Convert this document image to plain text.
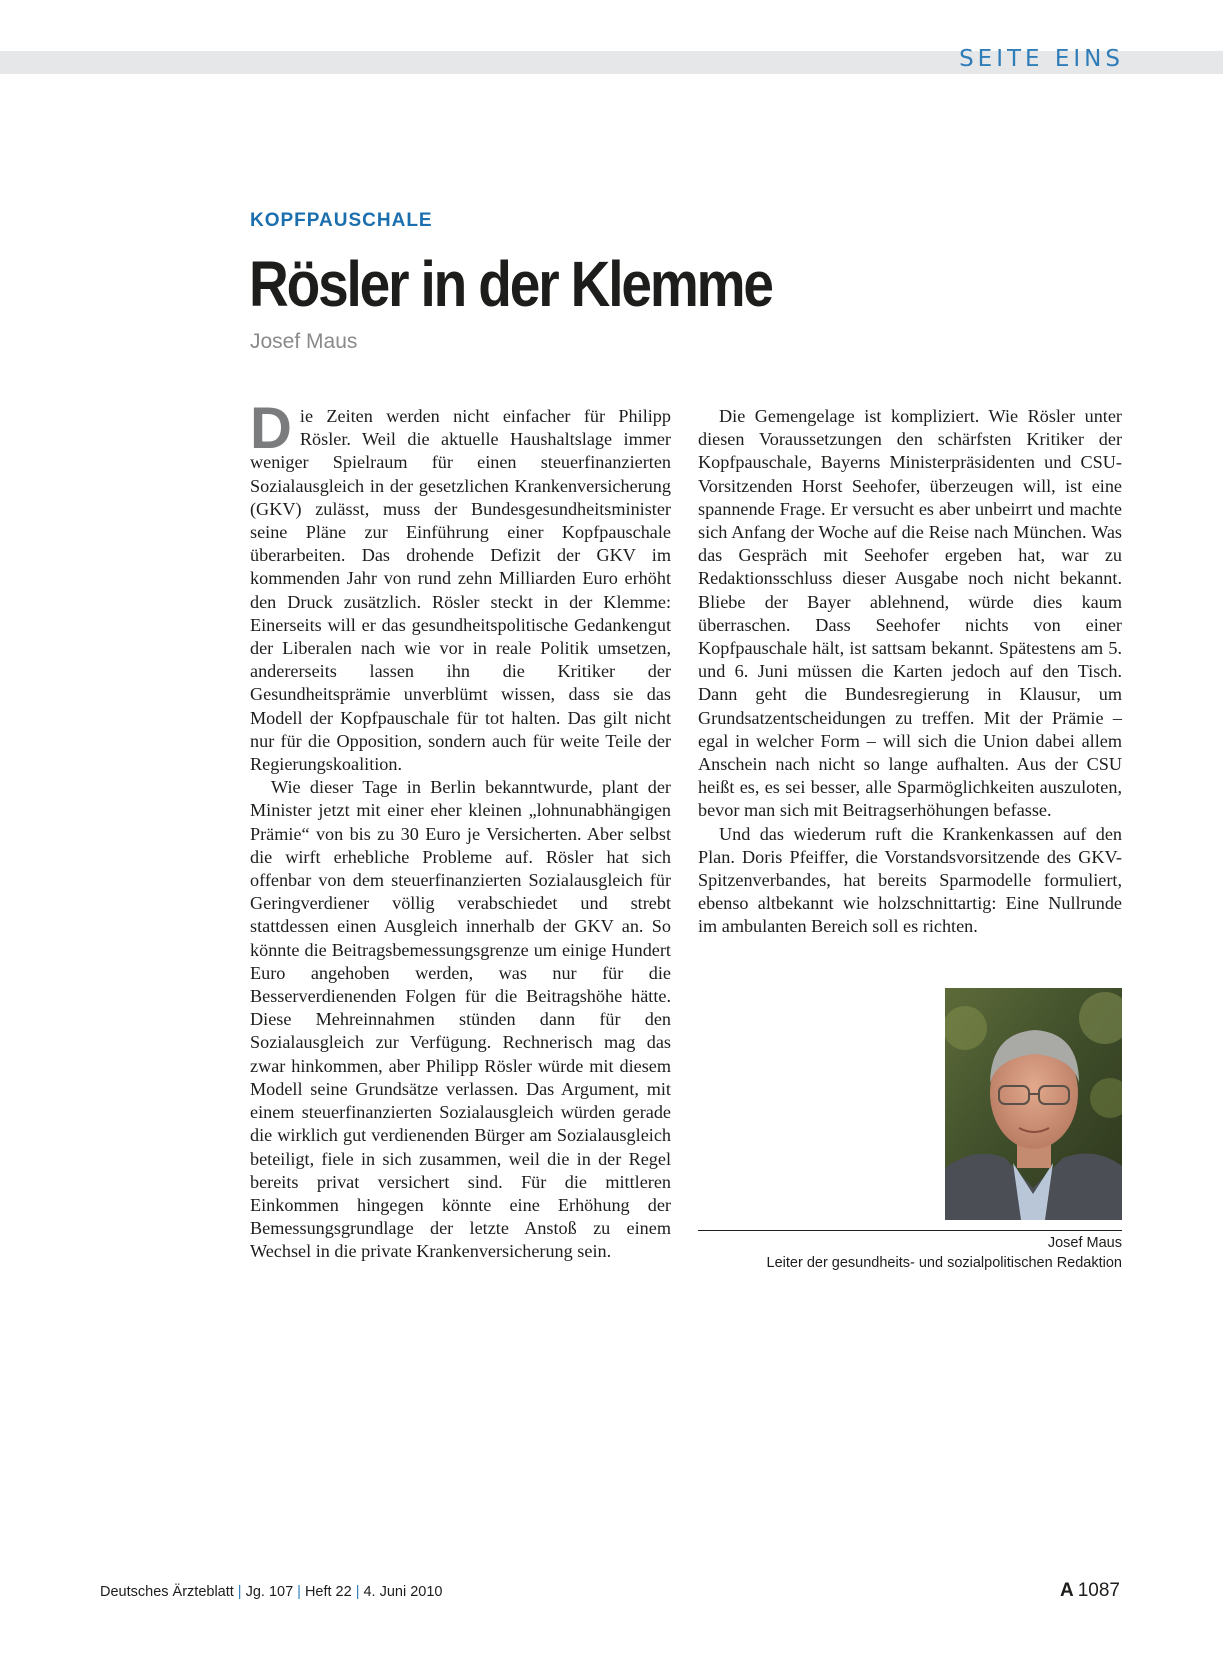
SEITE EINS
KOPFPAUSCHALE
Rösler in der Klemme
Josef Maus

Die Zeiten werden nicht einfacher für Philipp Rösler. Weil die aktuelle Haushaltslage immer weniger Spielraum für einen steuerfinanzierten Sozialausgleich in der gesetzlichen Krankenversicherung (GKV) zulässt, muss der Bundesgesundheitsminister seine Pläne zur Einführung einer Kopfpauschale überarbeiten. Das drohende Defizit der GKV im kommenden Jahr von rund zehn Milliarden Euro erhöht den Druck zusätzlich. Rösler steckt in der Klemme: Einerseits will er das gesundheitspolitische Gedankengut der Liberalen nach wie vor in reale Politik umsetzen, andererseits lassen ihn die Kritiker der Gesundheitsprämie unverblümt wissen, dass sie das Modell der Kopfpauschale für tot halten. Das gilt nicht nur für die Opposition, sondern auch für weite Teile der Regierungskoalition.

Wie dieser Tage in Berlin bekanntwurde, plant der Minister jetzt mit einer eher kleinen „lohnunabhängigen Prämie“ von bis zu 30 Euro je Versicherten. Aber selbst die wirft erhebliche Probleme auf. Rösler hat sich offenbar von dem steuerfinanzierten Sozialausgleich für Geringverdiener völlig verabschiedet und strebt stattdessen einen Ausgleich innerhalb der GKV an. So könnte die Beitragsbemessungsgrenze um einige Hundert Euro angehoben werden, was nur für die Besserverdienenden Folgen für die Beitragshöhe hätte. Diese Mehreinnahmen stünden dann für den Sozialausgleich zur Verfügung. Rechnerisch mag das zwar hinkommen, aber Philipp Rösler würde mit diesem Modell seine Grundsätze verlassen. Das Argument, mit einem steuerfinanzierten Sozialausgleich würden gerade die wirklich gut verdienenden Bürger am Sozialausgleich beteiligt, fiele in sich zusammen, weil die in der Regel bereits privat versichert sind. Für die mittleren Einkommen hingegen könnte eine Erhöhung der Bemessungsgrundlage der letzte Anstoß zu einem Wechsel in die private Krankenversicherung sein.

Die Gemengelage ist kompliziert. Wie Rösler unter diesen Voraussetzungen den schärfsten Kritiker der Kopfpauschale, Bayerns Ministerpräsidenten und CSU-Vorsitzenden Horst Seehofer, überzeugen will, ist eine spannende Frage. Er versucht es aber unbeirrt und machte sich Anfang der Woche auf die Reise nach München. Was das Gespräch mit Seehofer ergeben hat, war zu Redaktionsschluss dieser Ausgabe noch nicht bekannt. Bliebe der Bayer ablehnend, würde dies kaum überraschen. Dass Seehofer nichts von einer Kopfpauschale hält, ist sattsam bekannt. Spätestens am 5. und 6. Juni müssen die Karten jedoch auf den Tisch. Dann geht die Bundesregierung in Klausur, um Grundsatzentscheidungen zu treffen. Mit der Prämie – egal in welcher Form – will sich die Union dabei allem Anschein nach nicht so lange aufhalten. Aus der CSU heißt es, es sei besser, alle Sparmöglichkeiten auszuloten, bevor man sich mit Beitragserhöhungen befasse.

Und das wiederum ruft die Krankenkassen auf den Plan. Doris Pfeiffer, die Vorstandsvorsitzende des GKV-Spitzenverbandes, hat bereits Sparmodelle formuliert, ebenso altbekannt wie holzschnittartig: Eine Nullrunde im ambulanten Bereich soll es richten.

Josef Maus
Leiter der gesundheits- und sozialpolitischen Redaktion
Deutsches Ärzteblatt | Jg. 107 | Heft 22 | 4. Juni 2010	A 1087
